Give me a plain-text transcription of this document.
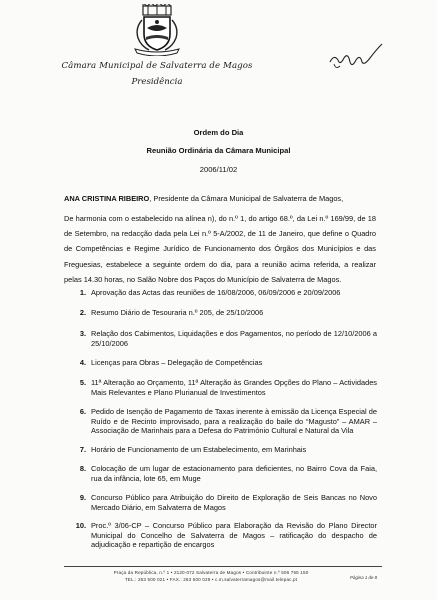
Câmara Municipal de Salvaterra de Magos
Presidência
Ordem do Dia
Reunião Ordinária da Câmara Municipal
2006/11/02
ANA CRISTINA RIBEIRO, Presidente da Câmara Municipal de Salvaterra de Magos,
De harmonia com o estabelecido na alínea n), do n.º 1, do artigo 68.º, da Lei n.º 169/99, de 18 de Setembro, na redacção dada pela Lei n.º 5-A/2002, de 11 de Janeiro, que define o Quadro de Competências e Regime Jurídico de Funcionamento dos Órgãos dos Municípios e das Freguesias, estabelece a seguinte ordem do dia, para a reunião acima referida, a realizar pelas 14.30 horas, no Salão Nobre dos Paços do Município de Salvaterra de Magos.
1. Aprovação das Actas das reuniões de 16/08/2006, 06/09/2006 e 20/09/2006
2. Resumo Diário de Tesouraria n.º 205, de 25/10/2006
3. Relação dos Cabimentos, Liquidações e dos Pagamentos, no período de 12/10/2006 a 25/10/2006
4. Licenças para Obras – Delegação de Competências
5. 11ª Alteração ao Orçamento, 11ª Alteração às Grandes Opções do Plano – Actividades Mais Relevantes e Plano Plurianual de Investimentos
6. Pedido de Isenção de Pagamento de Taxas inerente à emissão da Licença Especial de Ruído e de Recinto improvisado, para a realização do baile do “Magusto” – AMAR – Associação de Marinhais para a Defesa do Património Cultural e Natural da Vila
7. Horário de Funcionamento de um Estabelecimento, em Marinhais
8. Colocação de um lugar de estacionamento para deficientes, no Bairro Cova da Faia, rua da infância, lote 65, em Muge
9. Concurso Público para Atribuição do Direito de Exploração de Seis Bancas no Novo Mercado Diário, em Salvaterra de Magos
10. Proc.º 3/06-CP – Concurso Público para Elaboração da Revisão do Plano Director Municipal do Concelho de Salvaterra de Magos – ratificação do despacho de adjudicação e repartição de encargos
Praça da República, n.º 1 • 2120-072 Salvaterra de Magos • Contribuinte n.º 506 755 150
TEL.: 263 500 021 • FAX.: 263 500 029 • c.m.salvaterramagos@mail.telepac.pt	Página 1 de 8
